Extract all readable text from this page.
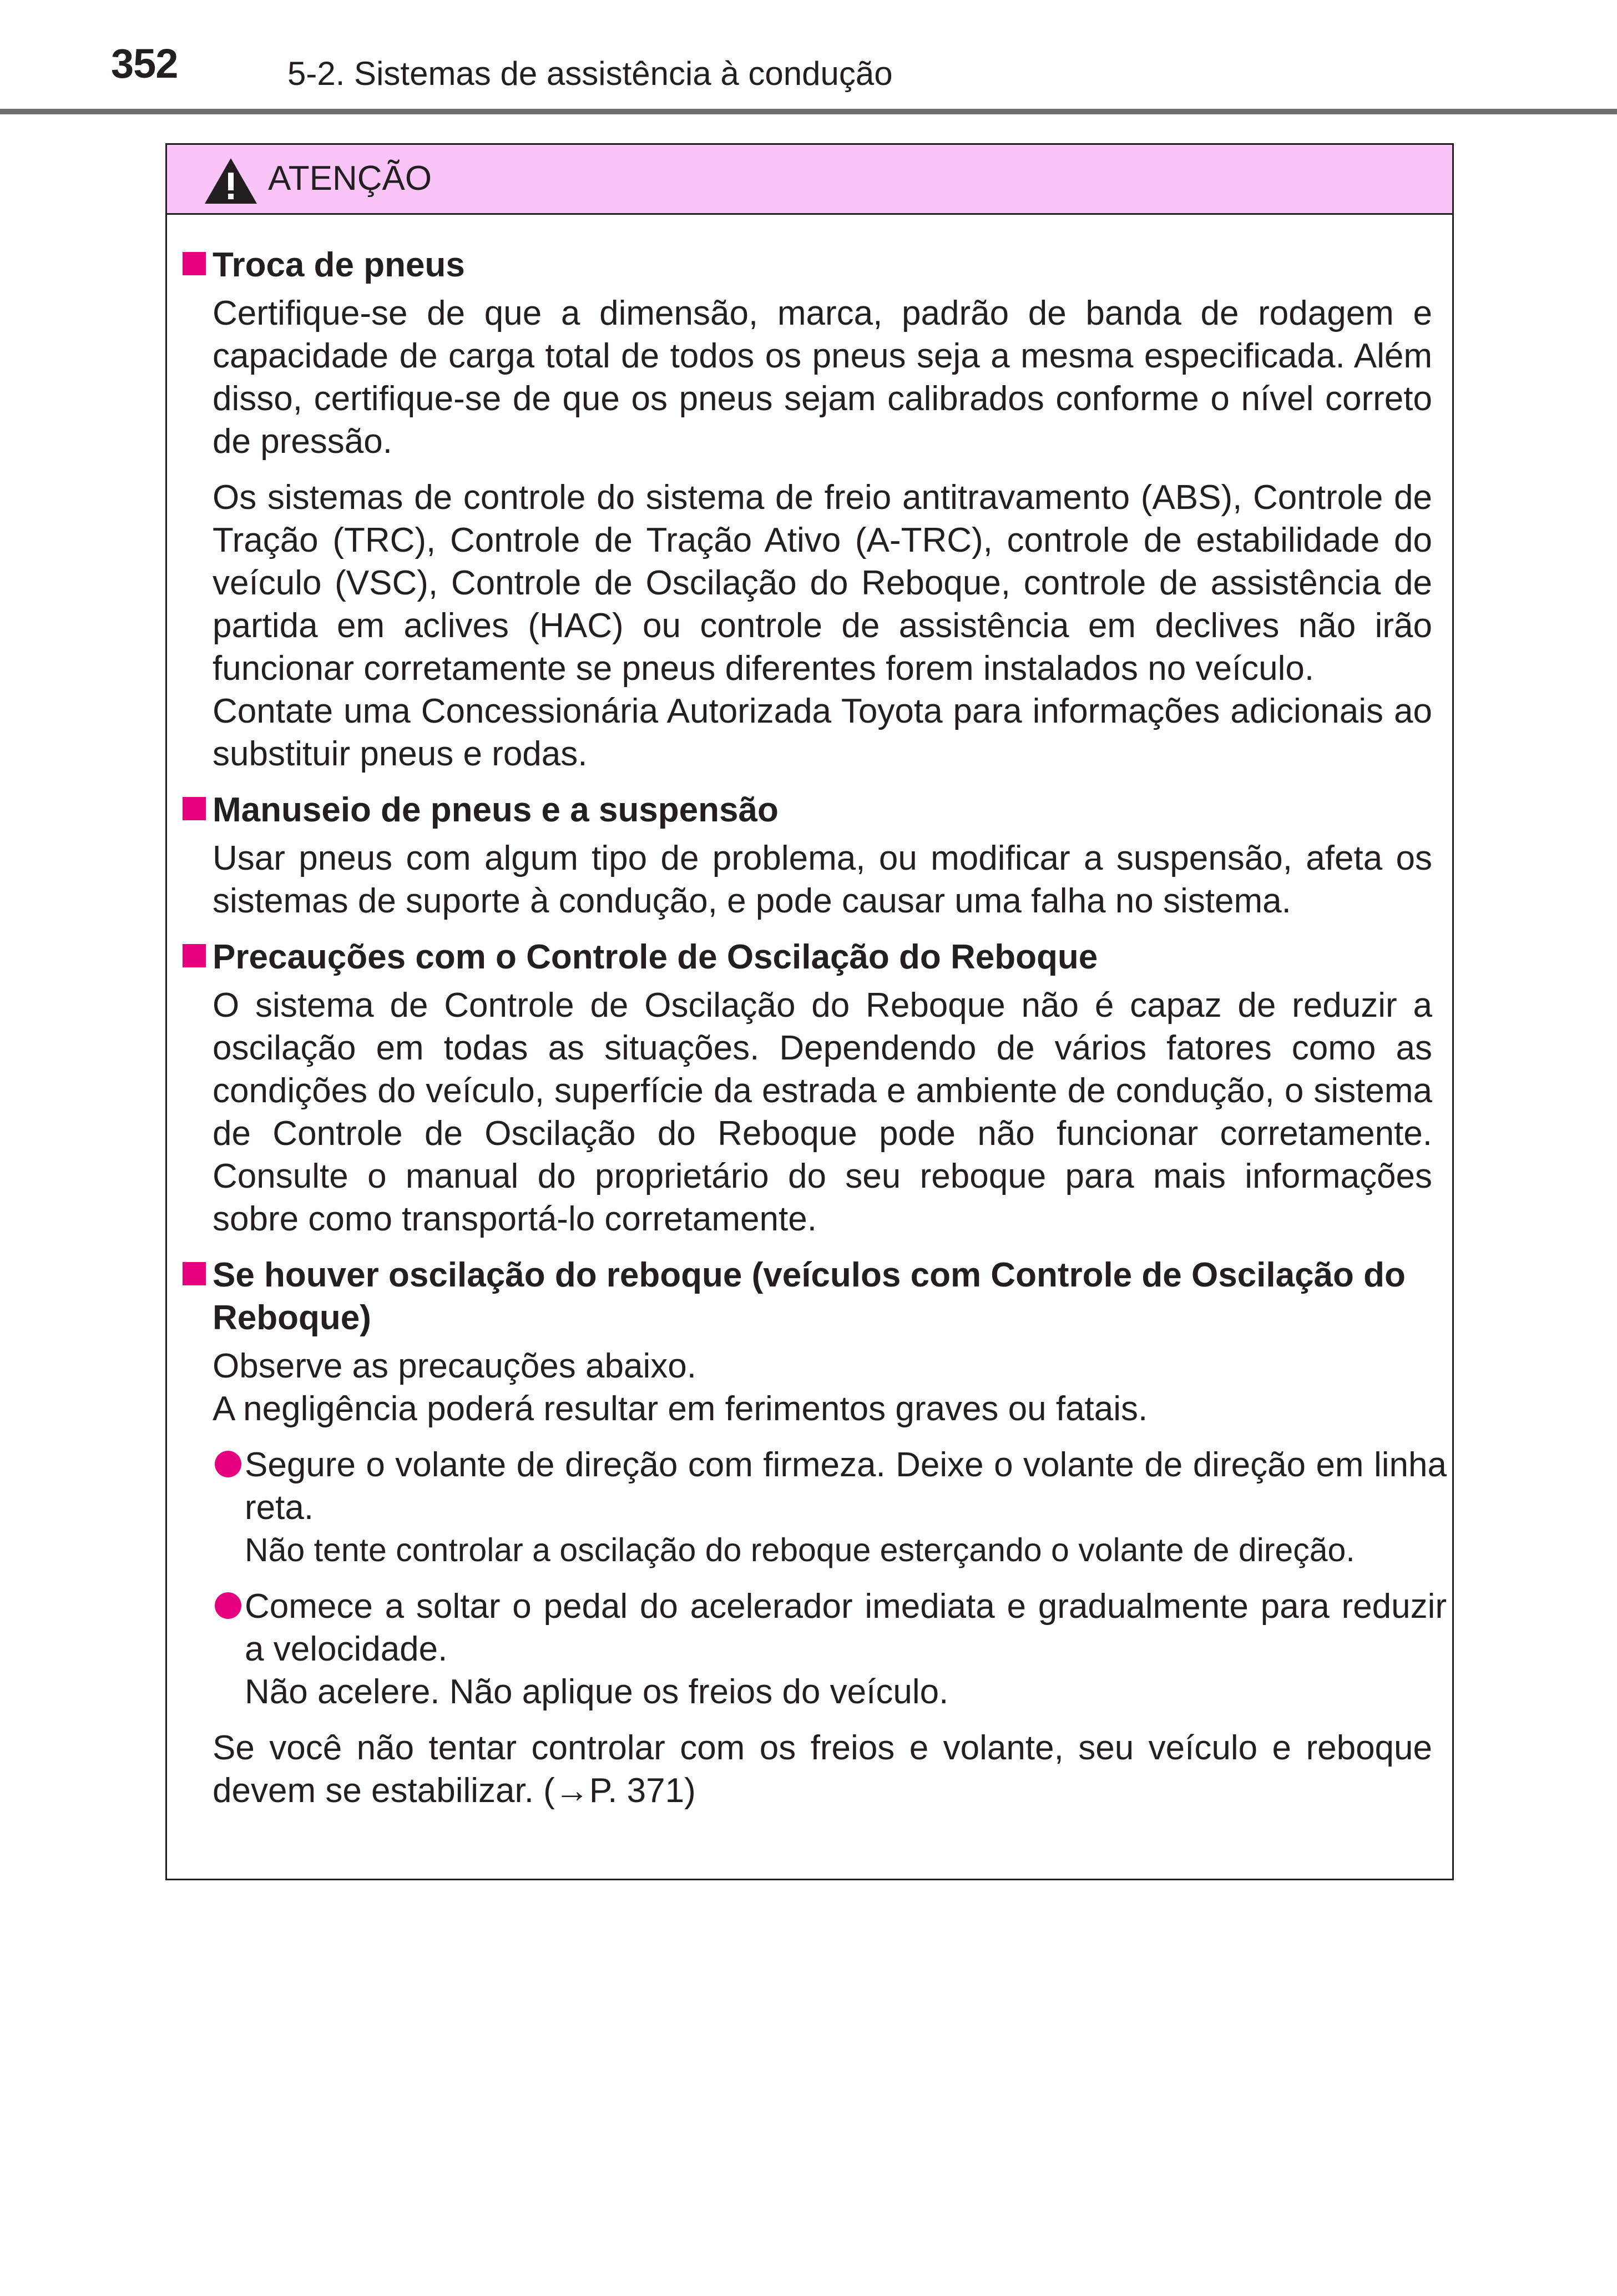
352	5-2. Sistemas de assistência à condução
ATENÇÃO
Troca de pneus

Certifique-se de que a dimensão, marca, padrão de banda de rodagem e capacidade de carga total de todos os pneus seja a mesma especificada. Além disso, certifique-se de que os pneus sejam calibrados conforme o nível correto de pressão.

Os sistemas de controle do sistema de freio antitravamento (ABS), Controle de Tração (TRC), Controle de Tração Ativo (A-TRC), controle de estabilidade do veículo (VSC), Controle de Oscilação do Reboque, controle de assistência de partida em aclives (HAC) ou controle de assistência em declives não irão funcionar corretamente se pneus diferentes forem instalados no veículo.

Contate uma Concessionária Autorizada Toyota para informações adicionais ao substituir pneus e rodas.

Manuseio de pneus e a suspensão

Usar pneus com algum tipo de problema, ou modificar a suspensão, afeta os sistemas de suporte à condução, e pode causar uma falha no sistema.

Precauções com o Controle de Oscilação do Reboque

O sistema de Controle de Oscilação do Reboque não é capaz de reduzir a oscilação em todas as situações. Dependendo de vários fatores como as condições do veículo, superfície da estrada e ambiente de condução, o sistema de Controle de Oscilação do Reboque pode não funcionar corretamente. Consulte o manual do proprietário do seu reboque para mais informações sobre como transportá-lo corretamente.

Se houver oscilação do reboque (veículos com Controle de Oscilação do Reboque)

Observe as precauções abaixo.

A negligência poderá resultar em ferimentos graves ou fatais.

Segure o volante de direção com firmeza. Deixe o volante de direção em linha reta.
Não tente controlar a oscilação do reboque esterçando o volante de direção.
Comece a soltar o pedal do acelerador imediata e gradualmente para reduzir a velocidade.
Não acelere. Não aplique os freios do veículo.

Se você não tentar controlar com os freios e volante, seu veículo e reboque devem se estabilizar. (→P. 371)
